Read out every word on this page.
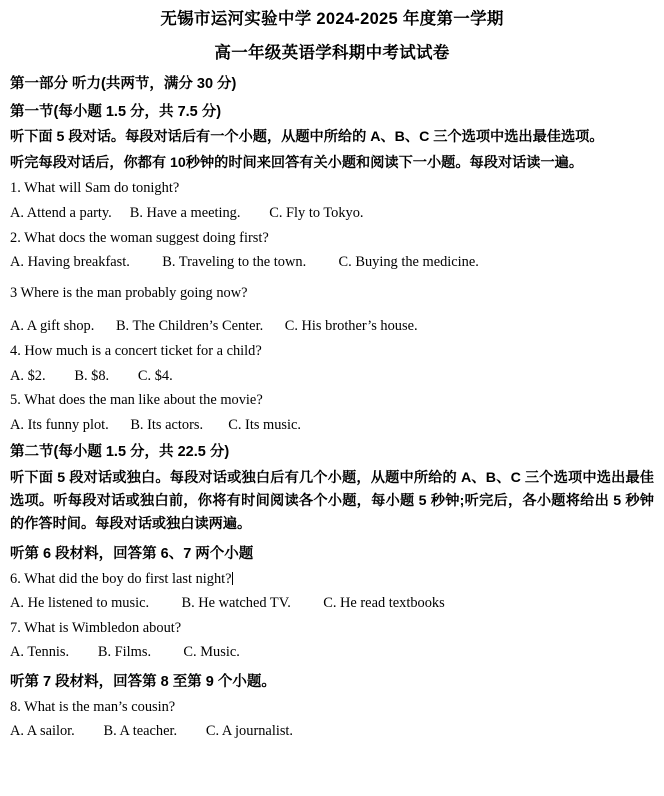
无锡市运河实验中学 2024-2025 年度第一学期
高一年级英语学科期中考试试卷
第一部分 听力(共两节，满分 30 分)
第一节(每小题 1.5 分，共 7.5 分)
听下面 5 段对话。每段对话后有一个小题，从题中所给的 A、B、C 三个选项中选出最佳选项。
听完每段对话后，你都有 10秒钟的时间来回答有关小题和阅读下一小题。每段对话读一遍。
1. What will Sam do tonight?
A. Attend a party.     B. Have a meeting.        C. Fly to Tokyo.
2. What docs the woman suggest doing first?
A. Having breakfast.         B. Traveling to the town.         C. Buying the medicine.
3 Where is the man probably going now?
A. A gift shop.      B. The Children’s Center.      C. His brother’s house.
4. How much is a concert ticket for a child?
A. $2.        B. $8.        C. $4.
5. What does the man like about the movie?
A. Its funny plot.      B. Its actors.       C. Its music.
第二节(每小题 1.5 分，共 22.5 分)
听下面 5 段对话或独白。每段对话或独白后有几个小题，从题中所给的 A、B、C 三个选项中选出最佳选项。听每段对话或独白前，你将有时间阅读各个小题，每小题 5 秒钟;听完后，各小题将给出 5 秒钟的作答时间。每段对话或独白读两遍。
听第 6 段材料，回答第 6、7 两个小题
6. What did the boy do first last night?
A. He listened to music.         B. He watched TV.         C. He read textbooks
7. What is Wimbledon about?
A. Tennis.        B. Films.         C. Music.
听第 7 段材料，回答第 8 至第 9 个小题。
8. What is the man’s cousin?
A. A sailor.        B. A teacher.        C. A journalist.
